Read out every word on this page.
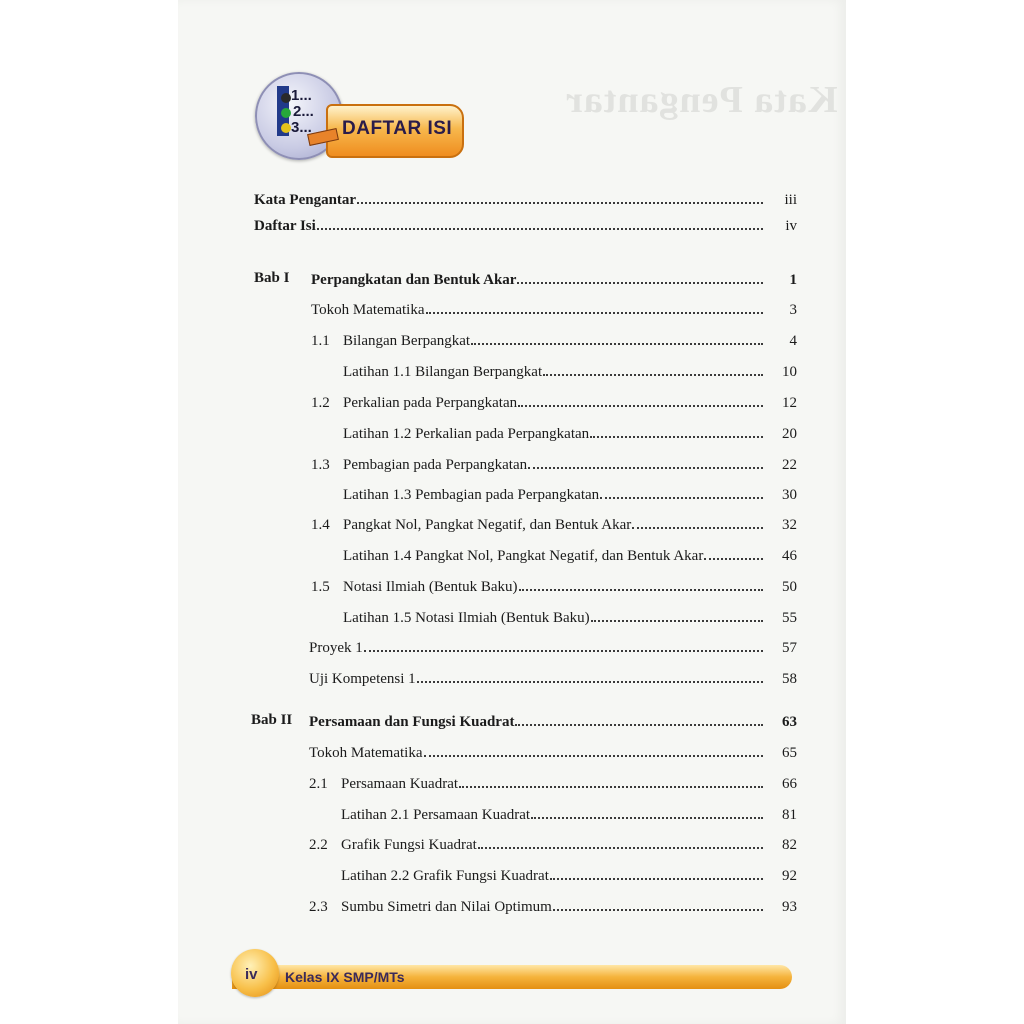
Kata Pengantar
1...
2...
3... DAFTAR ISI
Kata Pengantar	iii
Daftar Isi	iv
Bab I Perpangkatan dan Bentuk Akar	1
Tokoh Matematika	3
1.1 Bilangan Berpangkat	4
Latihan 1.1 Bilangan Berpangkat	10
1.2 Perkalian pada Perpangkatan	12
Latihan 1.2 Perkalian pada Perpangkatan	20
1.3 Pembagian pada Perpangkatan	22
Latihan 1.3 Pembagian pada Perpangkatan	30
1.4 Pangkat Nol, Pangkat Negatif, dan Bentuk Akar	32
Latihan 1.4 Pangkat Nol, Pangkat Negatif, dan Bentuk Akar	46
1.5 Notasi Ilmiah (Bentuk Baku)	50
Latihan 1.5 Notasi Ilmiah (Bentuk Baku)	55
Proyek 1	57
Uji Kompetensi 1	58
Bab II Persamaan dan Fungsi Kuadrat	63
Tokoh Matematika	65
2.1 Persamaan Kuadrat	66
Latihan 2.1 Persamaan Kuadrat	81
2.2 Grafik Fungsi Kuadrat	82
Latihan 2.2 Grafik Fungsi Kuadrat	92
2.3 Sumbu Simetri dan Nilai Optimum	93
iv Kelas IX SMP/MTs
